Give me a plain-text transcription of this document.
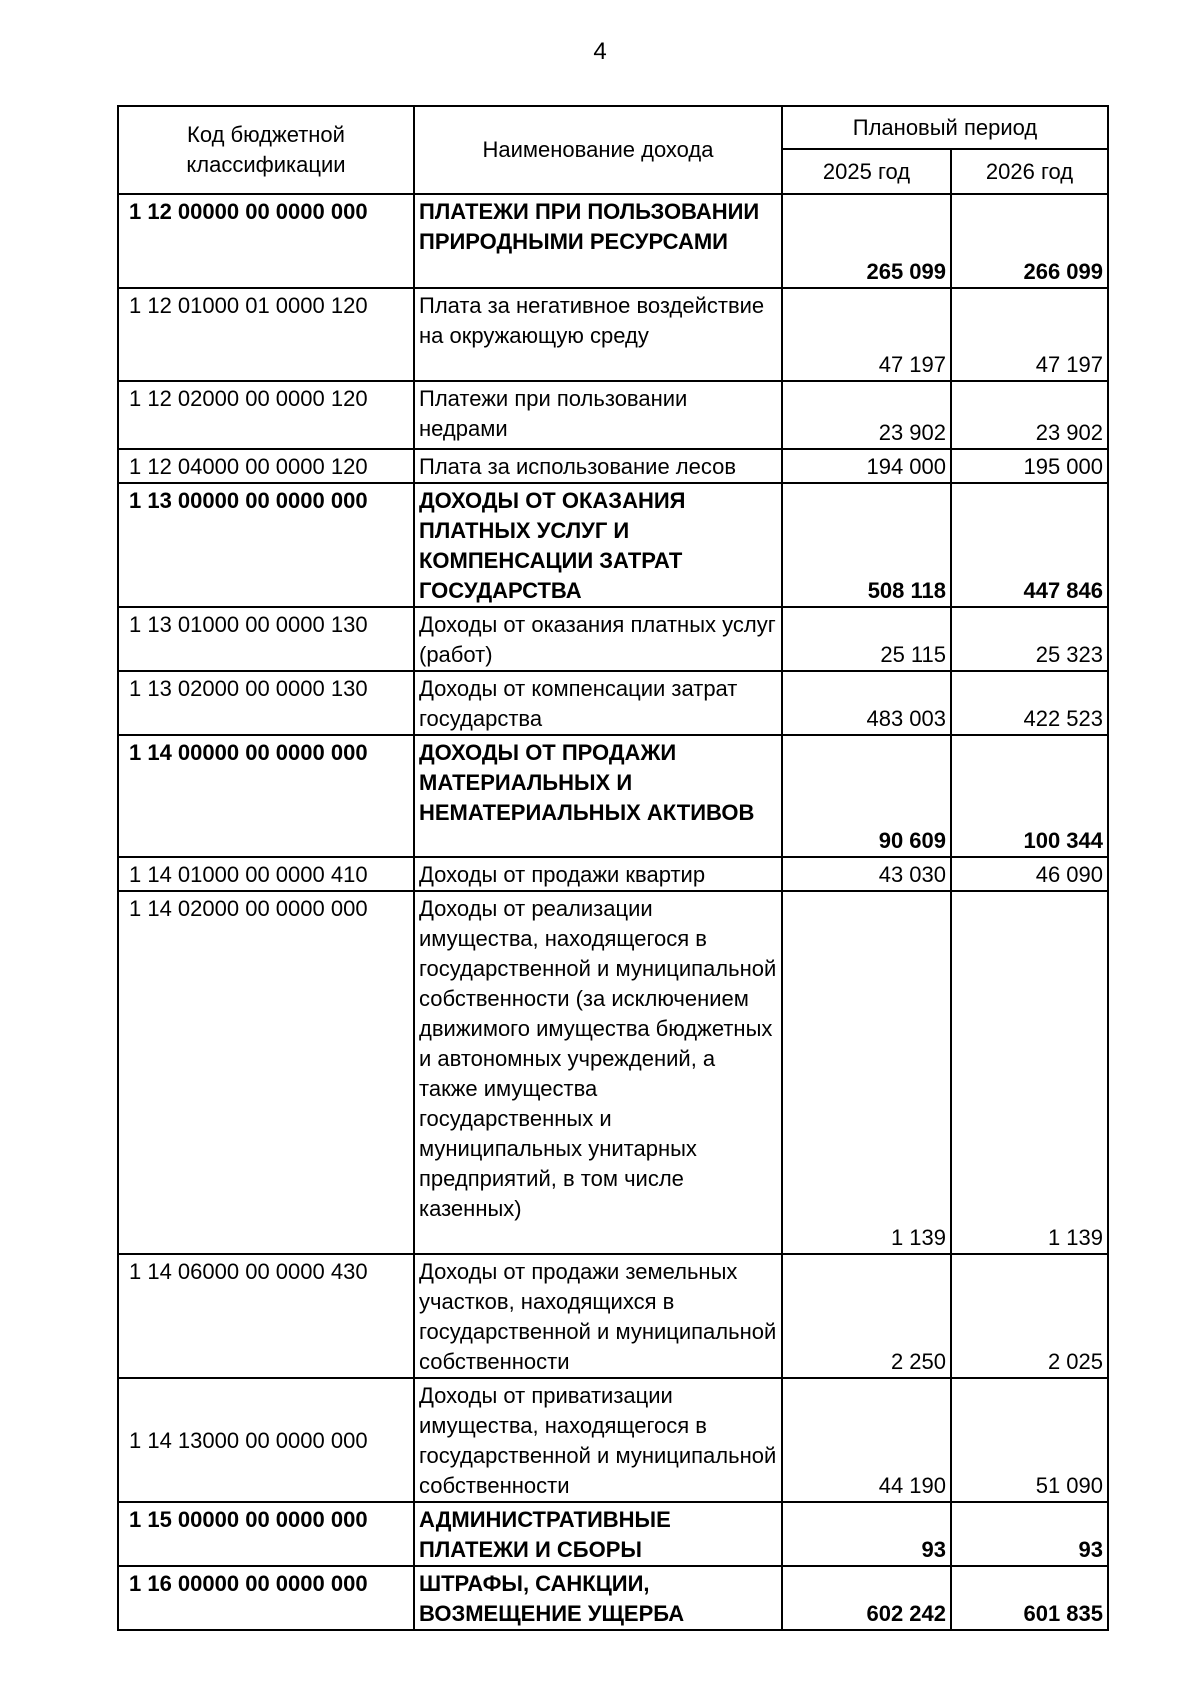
4
Код бюджетной классификации	Наименование дохода	Плановый период	
		2025 год	2026 год
1 12 00000 00 0000 000	ПЛАТЕЖИ ПРИ ПОЛЬЗОВАНИИ ПРИРОДНЫМИ РЕСУРСАМИ	265 099	266 099
1 12 01000 01 0000 120	Плата за негативное воздействие на окружающую среду	47 197	47 197
1 12 02000 00 0000 120	Платежи при пользовании недрами	23 902	23 902
1 12 04000 00 0000 120	Плата за использование лесов	194 000	195 000
1 13 00000 00 0000 000	ДОХОДЫ ОТ ОКАЗАНИЯ ПЛАТНЫХ УСЛУГ И КОМПЕНСАЦИИ ЗАТРАТ ГОСУДАРСТВА	508 118	447 846
1 13 01000 00 0000 130	Доходы от оказания платных услуг (работ)	25 115	25 323
1 13 02000 00 0000 130	Доходы от компенсации затрат государства	483 003	422 523
1 14 00000 00 0000 000	ДОХОДЫ ОТ ПРОДАЖИ МАТЕРИАЛЬНЫХ И НЕМАТЕРИАЛЬНЫХ АКТИВОВ	90 609	100 344
1 14 01000 00 0000 410	Доходы от продажи квартир	43 030	46 090
1 14 02000 00 0000 000	Доходы от реализации имущества, находящегося в государственной и муниципальной собственности (за исключением движимого имущества бюджетных и автономных учреждений, а также имущества государственных и муниципальных унитарных предприятий, в том числе казенных)	1 139	1 139
1 14 06000 00 0000 430	Доходы от продажи земельных участков, находящихся в государственной и муниципальной собственности	2 250	2 025
1 14 13000 00 0000 000	Доходы от приватизации имущества, находящегося в государственной и муниципальной собственности	44 190	51 090
1 15 00000 00 0000 000	АДМИНИСТРАТИВНЫЕ ПЛАТЕЖИ И СБОРЫ	93	93
1 16 00000 00 0000 000	ШТРАФЫ, САНКЦИИ, ВОЗМЕЩЕНИЕ УЩЕРБА	602 242	601 835
